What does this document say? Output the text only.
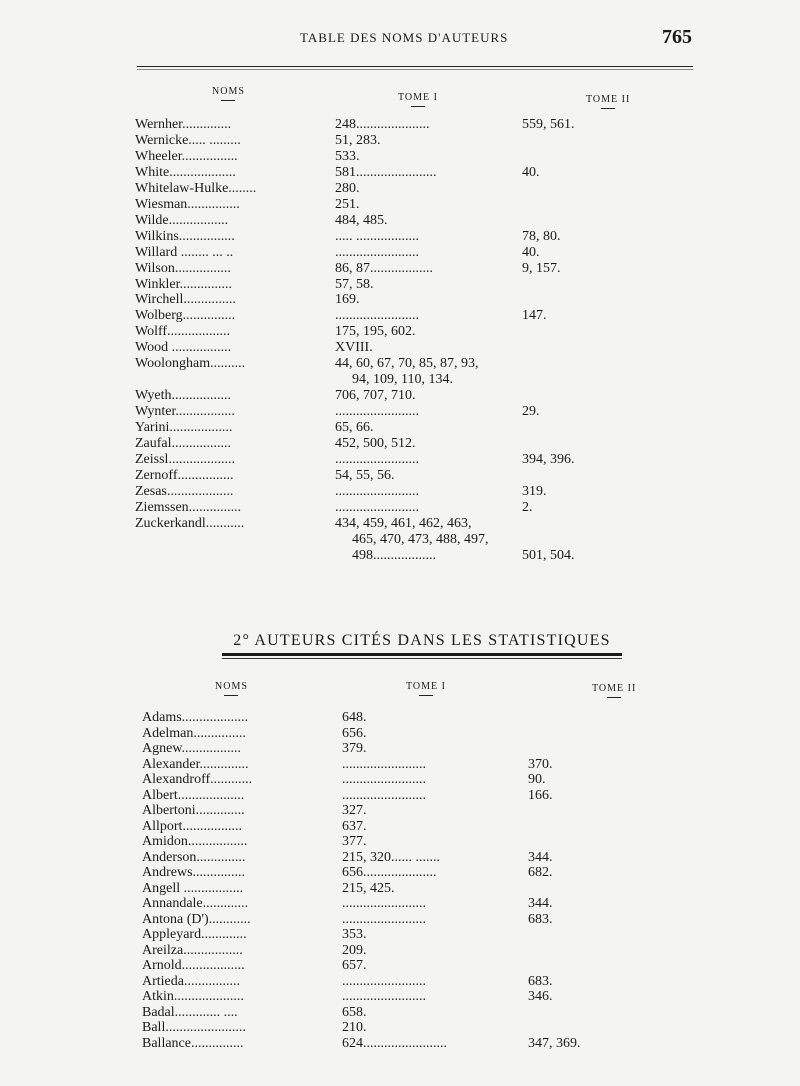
TABLE DES NOMS D'AUTEURS	765
NOMS
TOME I	TOME II
Wernher..............	248.....................	559, 561.
Wernicke..... .........	51, 283.
Wheeler................	533.
White...................	581.......................	40.
Whitelaw-Hulke........	280.
Wiesman...............	251.
Wilde.................	484, 485.
Wilkins................	..... ..................	78, 80.
Willard ........ ... ..	........................	40.
Wilson................	86, 87..................	9, 157.
Winkler...............	57, 58.
Wirchell...............	169.
Wolberg...............	........................	147.
Wolff..................	175, 195, 602.
Wood .................	XVIII.
Woolongham..........	44, 60, 67, 70, 85, 87, 93,
94, 109, 110, 134.
Wyeth.................	706, 707, 710.
Wynter.................	........................	29.
Yarini..................	65, 66.
Zaufal.................	452, 500, 512.
Zeissl...................	........................	394, 396.
Zernoff................	54, 55, 56.
Zesas...................	........................	319.
Ziemssen...............	........................	2.
Zuckerkandl...........	434, 459, 461, 462, 463,
465, 470, 473, 488, 497,
498..................	501, 504.
2° AUTEURS CITÉS DANS LES STATISTIQUES
NOMS	TOME I	TOME II
Adams...................	648.
Adelman...............	656.
Agnew.................	379.
Alexander..............	........................	370.
Alexandroff............	........................	90.
Albert...................	........................	166.
Albertoni..............	327.
Allport.................	637.
Amidon.................	377.
Anderson..............	215, 320...... .......	344.
Andrews...............	656.....................	682.
Angell .................	215, 425.
Annandale.............	........................	344.
Antona (D')............	........................	683.
Appleyard.............	353.
Areilza.................	209.
Arnold..................	657.
Artieda................	........................	683.
Atkin....................	........................	346.
Badal............. ....	658.
Ball.......................	210.
Ballance...............	624........................	347, 369.
